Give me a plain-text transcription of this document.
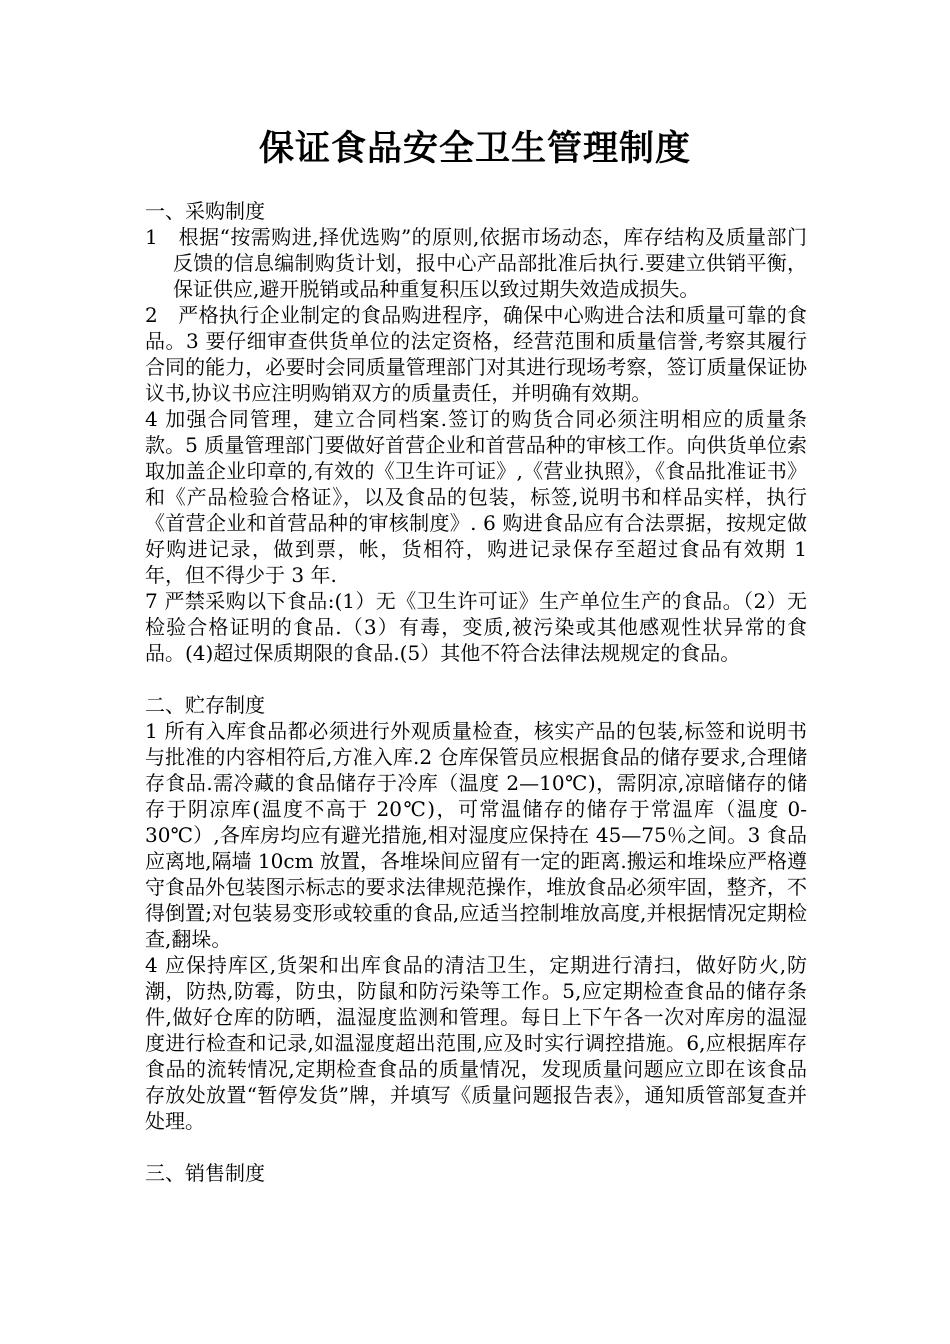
保证食品安全卫生管理制度
一、采购制度
1　根据“按需购进,择优选购”的原则,依据市场动态，库存结构及质量部门反馈的信息编制购货计划，报中心产品部批准后执行.要建立供销平衡，保证供应,避开脱销或品种重复积压以致过期失效造成损失。
2　严格执行企业制定的食品购进程序，确保中心购进合法和质量可靠的食品。3 要仔细审查供货单位的法定资格，经营范围和质量信誉,考察其履行合同的能力，必要时会同质量管理部门对其进行现场考察，签订质量保证协议书,协议书应注明购销双方的质量责任，并明确有效期。
4 加强合同管理，建立合同档案.签订的购货合同必须注明相应的质量条款。5 质量管理部门要做好首营企业和首营品种的审核工作。向供货单位索取加盖企业印章的,有效的《卫生许可证》,《营业执照》，《食品批准证书》和《产品检验合格证》，以及食品的包装，标签,说明书和样品实样，执行《首营企业和首营品种的审核制度》. 6 购进食品应有合法票据，按规定做好购进记录，做到票，帐，货相符，购进记录保存至超过食品有效期 1 年，但不得少于 3 年.
7 严禁采购以下食品:(1）无《卫生许可证》生产单位生产的食品。（2）无检验合格证明的食品.（3）有毒，变质,被污染或其他感观性状异常的食品。(4)超过保质期限的食品.(5）其他不符合法律法规规定的食品。
二、贮存制度
1 所有入库食品都必须进行外观质量检查，核实产品的包装,标签和说明书与批准的内容相符后,方准入库.2 仓库保管员应根据食品的储存要求,合理储存食品.需冷藏的食品储存于冷库（温度 2—10℃)，需阴凉,凉暗储存的储存于阴凉库(温度不高于 20℃)，可常温储存的储存于常温库（温度 0-30℃）,各库房均应有避光措施,相对湿度应保持在 45—75％之间。3 食品应离地,隔墙 10cm 放置，各堆垛间应留有一定的距离.搬运和堆垛应严格遵守食品外包装图示标志的要求法律规范操作，堆放食品必须牢固，整齐，不得倒置;对包装易变形或较重的食品,应适当控制堆放高度,并根据情况定期检查,翻垛。
4 应保持库区,货架和出库食品的清洁卫生，定期进行清扫，做好防火,防潮，防热,防霉，防虫，防鼠和防污染等工作。5,应定期检查食品的储存条件,做好仓库的防晒，温湿度监测和管理。每日上下午各一次对库房的温湿度进行检查和记录,如温湿度超出范围,应及时实行调控措施。6,应根据库存食品的流转情况,定期检查食品的质量情况，发现质量问题应立即在该食品存放处放置“暂停发货”牌，并填写《质量问题报告表》，通知质管部复查并处理。
三、销售制度
